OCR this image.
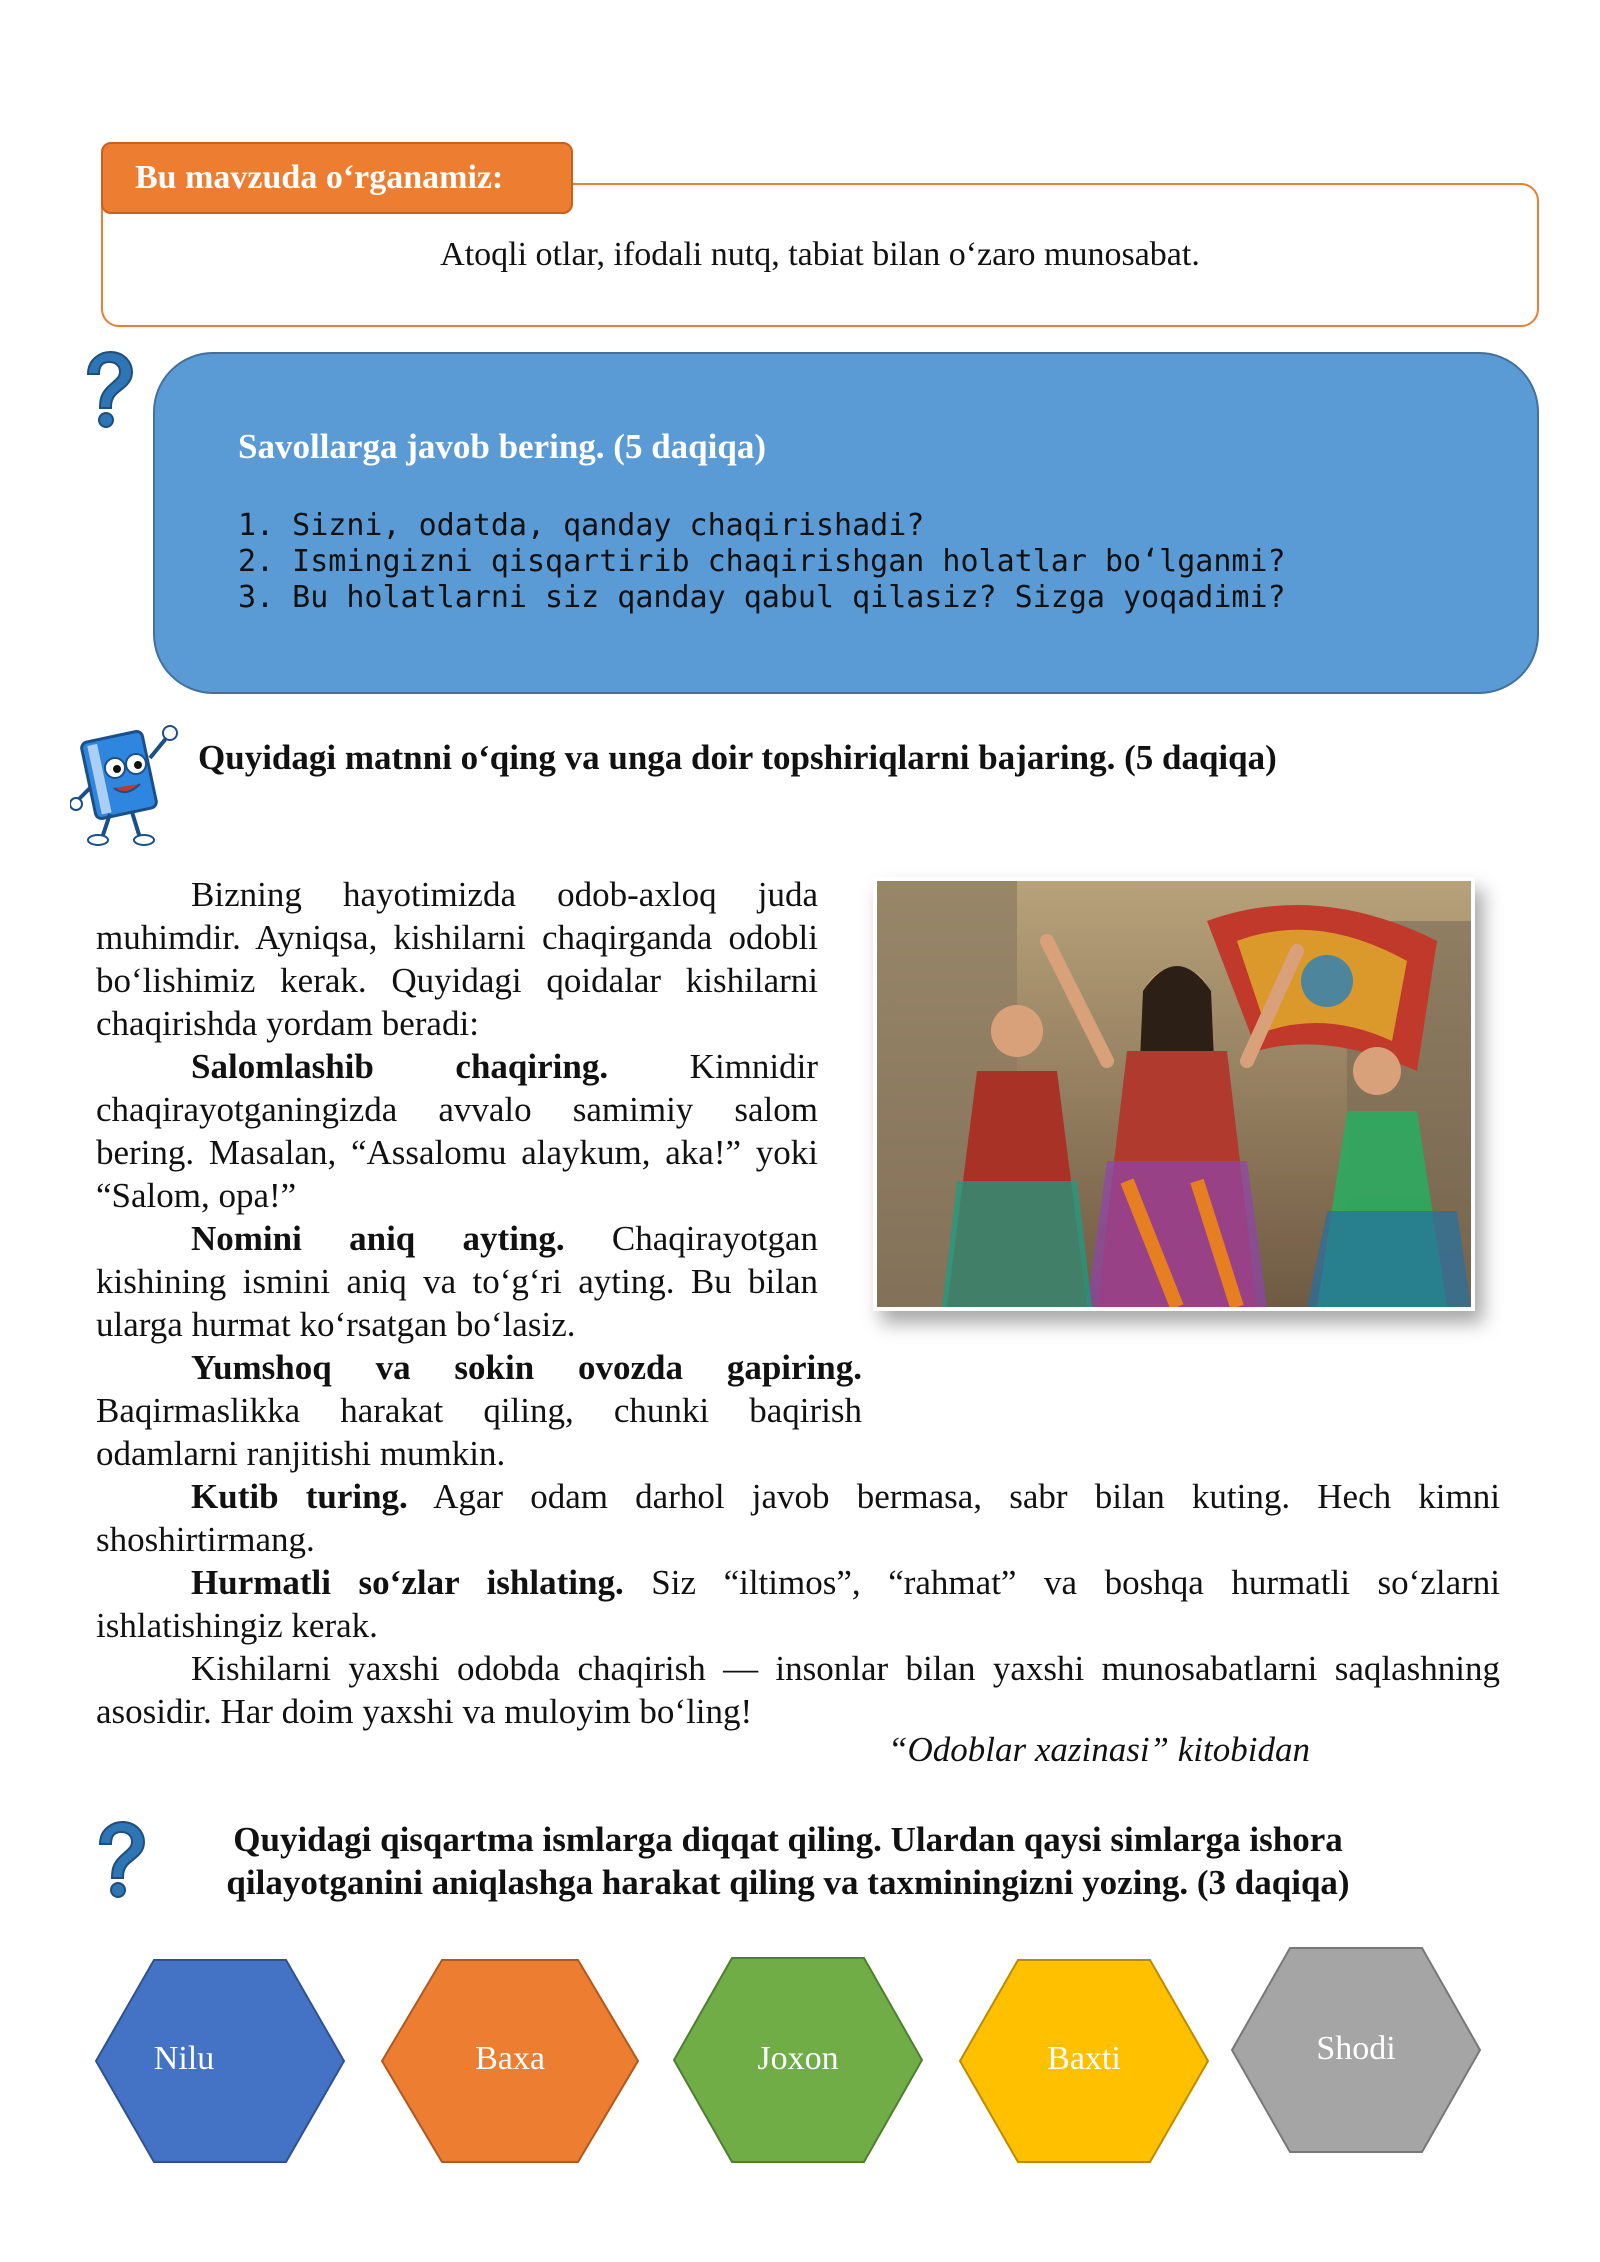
Bu mavzuda oʻrganamiz:
Atoqli otlar, ifodali nutq, tabiat bilan oʻzaro munosabat.
Savollarga javob bering. (5 daqiqa)
1. Sizni, odatda, qanday chaqirishadi?
2. Ismingizni qisqartirib chaqirishgan holatlar boʻlganmi?
3. Bu holatlarni siz qanday qabul qilasiz? Sizga yoqadimi?
Quyidagi matnni oʻqing va unga doir topshiriqlarni bajaring. (5 daqiqa)

Bizning hayotimizda odob-axloq juda muhimdir. Ayniqsa, kishilarni chaqirganda odobli boʻlishimiz kerak. Quyidagi qoidalar kishilarni chaqirishda yordam beradi:

Salomlashib chaqiring. Kimnidir chaqirayotganingizda avvalo samimiy salom bering. Masalan, “Assalomu alaykum, aka!” yoki “Salom, opa!”

Nomini aniq ayting. Chaqirayotgan kishining ismini aniq va toʻgʻri ayting. Bu bilan ularga hurmat koʻrsatgan boʻlasiz.

Yumshoq va sokin ovozda gapiring. Baqirmaslikka harakat qiling, chunki baqirish odamlarni ranjitishi mumkin.

Kutib turing. Agar odam darhol javob bermasa, sabr bilan kuting. Hech kimni shoshirtirmang.

Hurmatli soʻzlar ishlating. Siz “iltimos”, “rahmat” va boshqa hurmatli soʻzlarni ishlatishingiz kerak.

Kishilarni yaxshi odobda chaqirish — insonlar bilan yaxshi munosabatlarni saqlashning asosidir. Har doim yaxshi va muloyim boʻling!

“Odoblar xazinasi” kitobidan
Quyidagi qisqartma ismlarga diqqat qiling. Ulardan qaysi simlarga ishora qilayotganini aniqlashga harakat qiling va taxminingizni yozing. (3 daqiqa)
Nilu	Baxa	Joxon	Baxti	Shodi
